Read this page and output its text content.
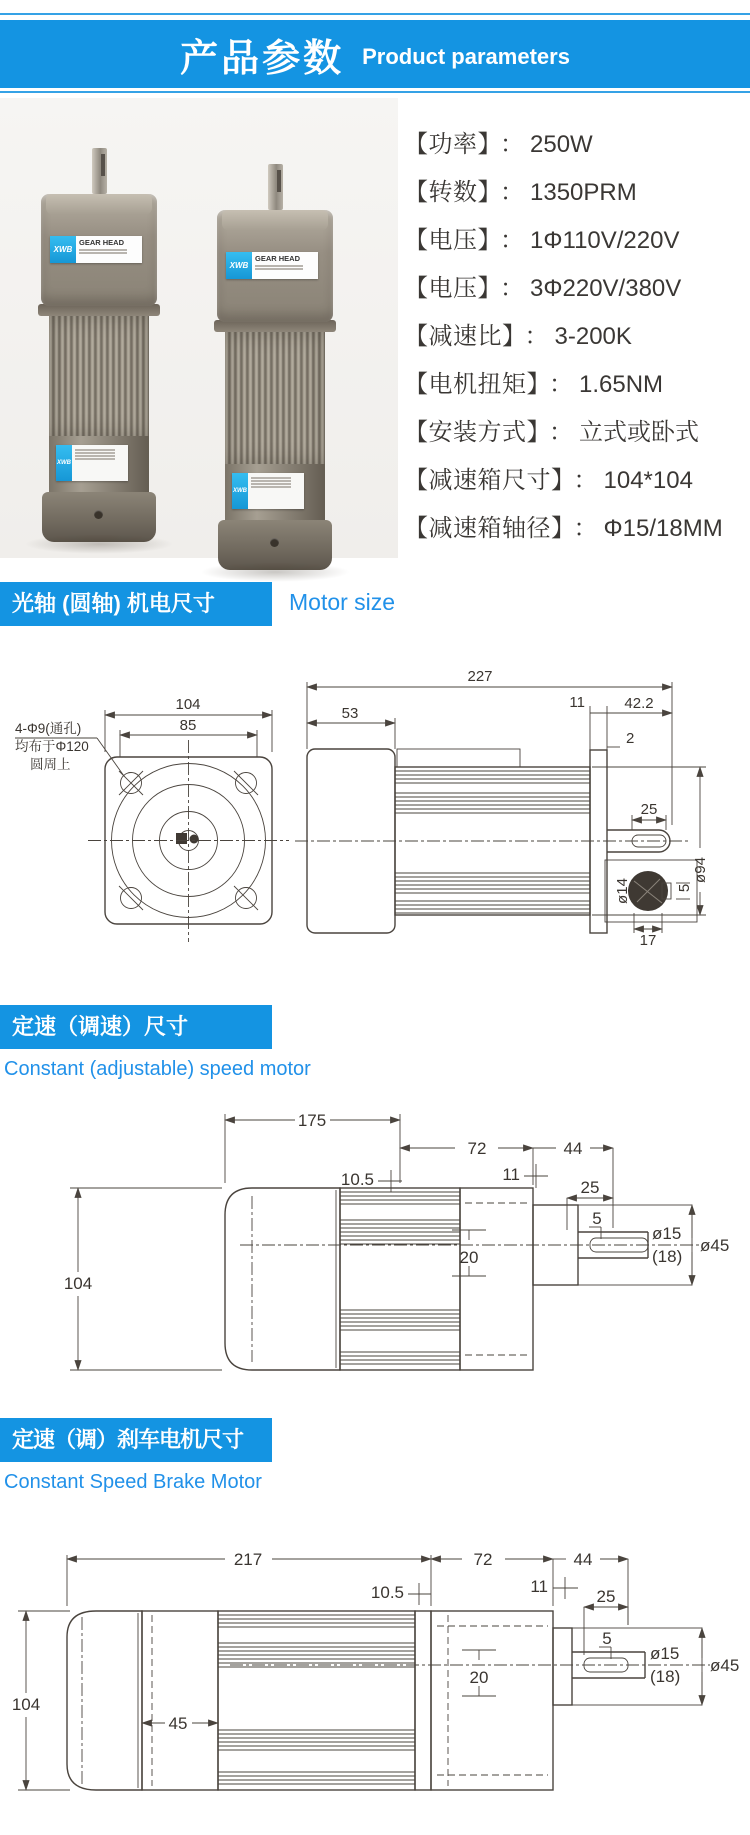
产品参数 Product parameters
XWB
GEAR HEAD
XWB
XWB
GEAR HEAD
XWB
【功率】 ： 250W
【转数】 ： 1350PRM
【电压】 ： 1Φ110V/220V
【电压】 ： 3Φ220V/380V
【减速比】 ： 3-200K
【电机扭矩】 ： 1.65NM
【安装方式】 ： 立式或卧式
【减速箱尺寸】 ： 104*104
【减速箱轴径】 ： Φ15/18MM
光轴 (圆轴) 机电尺寸	Motor size
104
85
4-Φ9(通孔)
均布于Φ120
圆周上
227
53
11	42.2
2
25
ø94
ø14	5
17
定速（调速）尺寸
Constant (adjustable) speed motor
175
72	44
10.5	11
104
25
5
20
ø15
(18)
ø45
定速（调）刹车电机尺寸
Constant Speed Brake Motor
217	72	44
10.5	11
104
45
25
5
20
ø15
(18)
ø45
